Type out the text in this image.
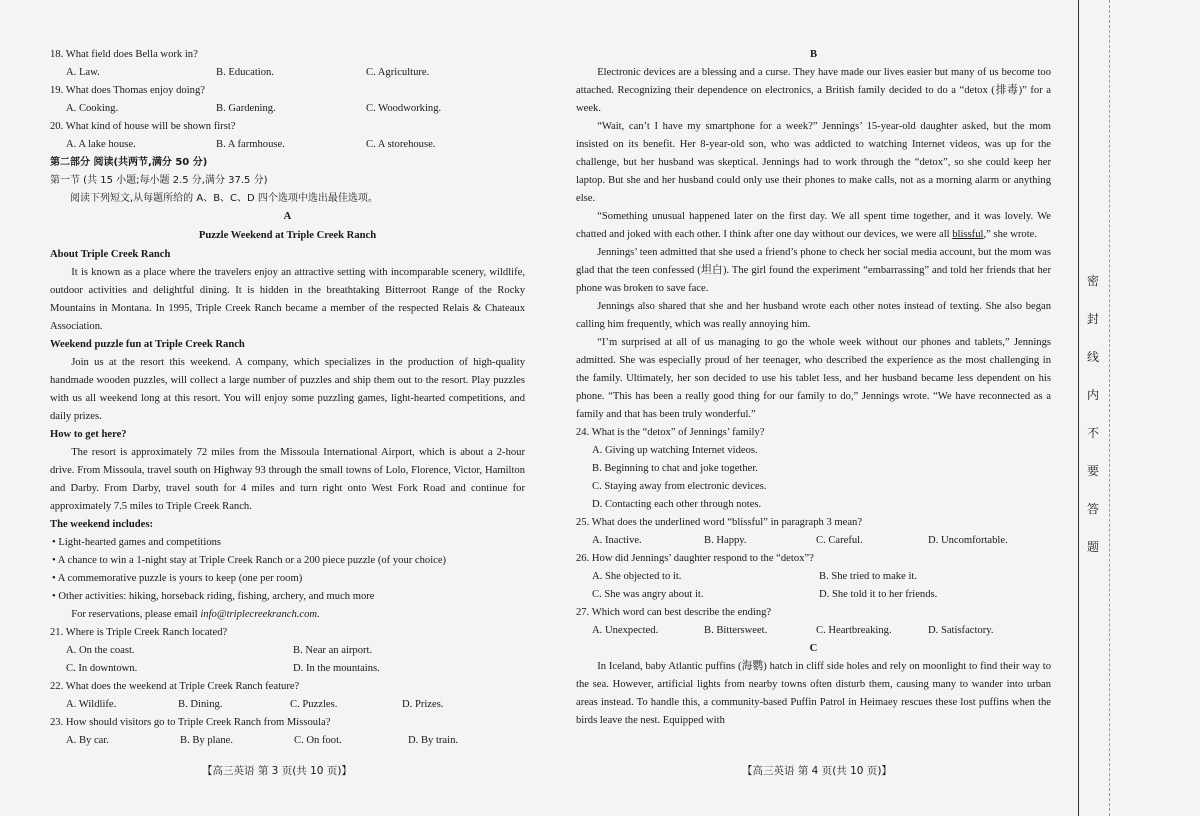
18. What field does Bella work in?

A. Law.	B. Education.	C. Agriculture.

19. What does Thomas enjoy doing?

A. Cooking.	B. Gardening.	C. Woodworking.

20. What kind of house will be shown first?

A. A lake house.	B. A farmhouse.	C. A storehouse.

第二部分 阅读(共两节,满分 50 分)

第一节 (共 15 小题;每小题 2.5 分,满分 37.5 分)

阅读下列短文,从每题所给的 A、B、C、D 四个选项中选出最佳选项。

A

Puzzle Weekend at Triple Creek Ranch

About Triple Creek Ranch

It is known as a place where the travelers enjoy an attractive setting with incomparable scenery, wildlife, outdoor activities and delightful dining. It is hidden in the breathtaking Bitterroot Range of the Rocky Mountains in Montana. In 1995, Triple Creek Ranch became a member of the respected Relais & Chateaux Association.

Weekend puzzle fun at Triple Creek Ranch

Join us at the resort this weekend. A company, which specializes in the production of high-quality handmade wooden puzzles, will collect a large number of puzzles and ship them out to the resort. Play puzzles with us all weekend long at this resort. You will enjoy some puzzling games, light-hearted competitions, and daily prizes.

How to get here?

The resort is approximately 72 miles from the Missoula International Airport, which is about a 2-hour drive. From Missoula, travel south on Highway 93 through the small towns of Lolo, Florence, Victor, Hamilton and Darby. From Darby, travel south for 4 miles and turn right onto West Fork Road and continue for approximately 7.5 miles to Triple Creek Ranch.

The weekend includes:

• Light-hearted games and competitions

• A chance to win a 1-night stay at Triple Creek Ranch or a 200 piece puzzle (of your choice)

• A commemorative puzzle is yours to keep (one per room)

• Other activities: hiking, horseback riding, fishing, archery, and much more

For reservations, please email info@triplecreekranch.com.

21. Where is Triple Creek Ranch located?

A. On the coast.	B. Near an airport.
C. In downtown.	D. In the mountains.

22. What does the weekend at Triple Creek Ranch feature?

A. Wildlife.	B. Dining.	C. Puzzles.	D. Prizes.

23. How should visitors go to Triple Creek Ranch from Missoula?

A. By car.	B. By plane.	C. On foot.	D. By train.
【高三英语 第 3 页(共 10 页)】

B

Electronic devices are a blessing and a curse. They have made our lives easier but many of us become too attached. Recognizing their dependence on electronics, a British family decided to do a “detox (排毒)” for a week.

“Wait, can’t I have my smartphone for a week?” Jennings’ 15-year-old daughter asked, but the mom insisted on its benefit. Her 8-year-old son, who was addicted to watching Internet videos, was up for the challenge, but her husband was skeptical. Jennings had to work through the “detox”, so she could keep her laptop. But she and her husband could only use their phones to make calls, not as a morning alarm or anything else.

“Something unusual happened later on the first day. We all spent time together, and it was lovely. We chatted and joked with each other. I think after one day without our devices, we were all blissful,” she wrote.

Jennings’ teen admitted that she used a friend’s phone to check her social media account, but the mom was glad that the teen confessed (坦白). The girl found the experiment “embarrassing” and told her friends that her phone was broken to save face.

Jennings also shared that she and her husband wrote each other notes instead of texting. She also began calling him frequently, which was really annoying him.

“I’m surprised at all of us managing to go the whole week without our phones and tablets,” Jennings admitted. She was especially proud of her teenager, who described the experience as the most challenging in the family. Ultimately, her son decided to use his tablet less, and her husband became less dependent on his phone. “This has been a really good thing for our family to do,” Jennings wrote. “We have reconnected as a family and that has been truly wonderful.”

24. What is the “detox” of Jennings’ family?

A. Giving up watching Internet videos.
B. Beginning to chat and joke together.
C. Staying away from electronic devices.
D. Contacting each other through notes.

25. What does the underlined word “blissful” in paragraph 3 mean?

A. Inactive.	B. Happy.	C. Careful.	D. Uncomfortable.

26. How did Jennings’ daughter respond to the “detox”?

A. She objected to it.	B. She tried to make it.
C. She was angry about it.	D. She told it to her friends.

27. Which word can best describe the ending?

A. Unexpected.	B. Bittersweet.	C. Heartbreaking.	D. Satisfactory.

C

In Iceland, baby Atlantic puffins (海鹦) hatch in cliff side holes and rely on moonlight to find their way to the sea. However, artificial lights from nearby towns often disturb them, causing many to wander into urban areas instead. To handle this, a community-based Puffin Patrol in Heimaey rescues these lost puffins when the birds leave the nest. Equipped with

【高三英语 第 4 页(共 10 页)】
密
封
线
内
不
要
答
题
